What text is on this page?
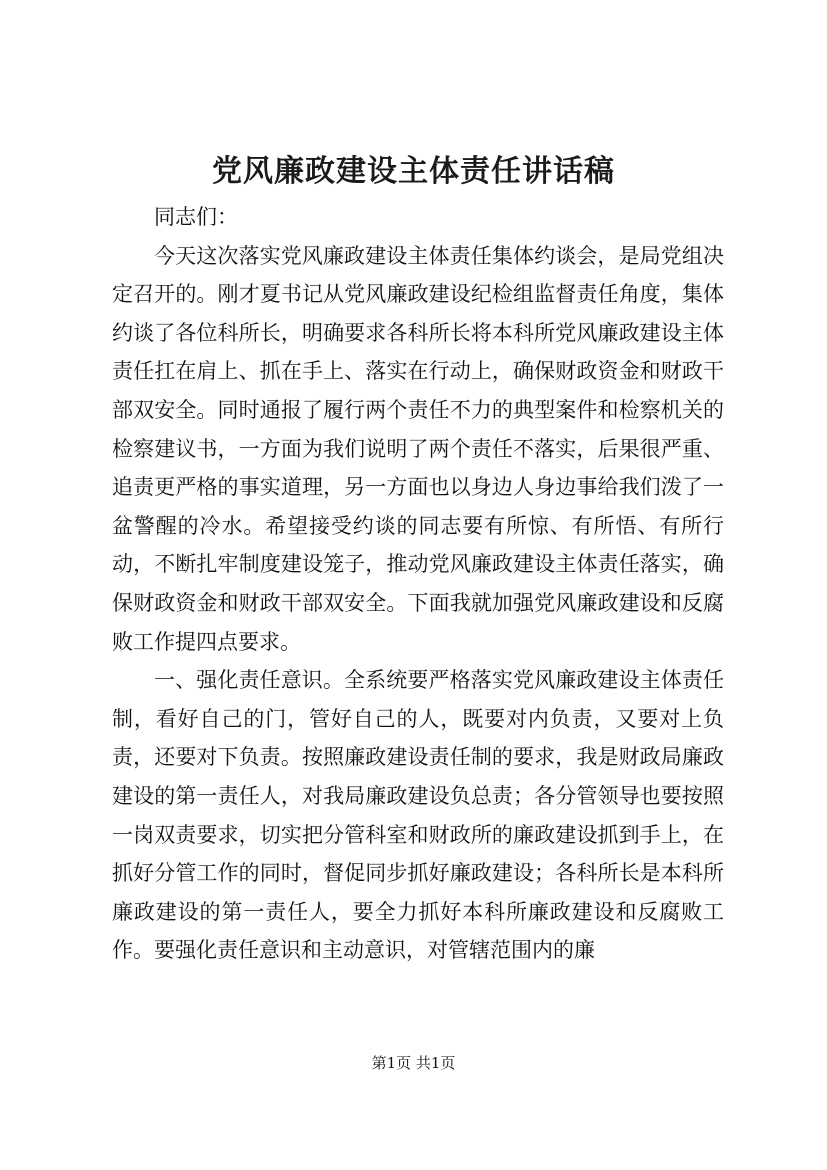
党风廉政建设主体责任讲话稿

同志们：

今天这次落实党风廉政建设主体责任集体约谈会，是局党组决定召开的。刚才夏书记从党风廉政建设纪检组监督责任角度，集体约谈了各位科所长，明确要求各科所长将本科所党风廉政建设主体责任扛在肩上、抓在手上、落实在行动上，确保财政资金和财政干部双安全。同时通报了履行两个责任不力的典型案件和检察机关的检察建议书，一方面为我们说明了两个责任不落实，后果很严重、追责更严格的事实道理，另一方面也以身边人身边事给我们泼了一盆警醒的冷水。希望接受约谈的同志要有所惊、有所悟、有所行动，不断扎牢制度建设笼子，推动党风廉政建设主体责任落实，确保财政资金和财政干部双安全。下面我就加强党风廉政建设和反腐败工作提四点要求。

一、强化责任意识。全系统要严格落实党风廉政建设主体责任制，看好自己的门，管好自己的人，既要对内负责，又要对上负责，还要对下负责。按照廉政建设责任制的要求，我是财政局廉政建设的第一责任人，对我局廉政建设负总责；各分管领导也要按照一岗双责要求，切实把分管科室和财政所的廉政建设抓到手上，在抓好分管工作的同时，督促同步抓好廉政建设；各科所长是本科所廉政建设的第一责任人，要全力抓好本科所廉政建设和反腐败工作。要强化责任意识和主动意识，对管辖范围内的廉

第1页 共1页
